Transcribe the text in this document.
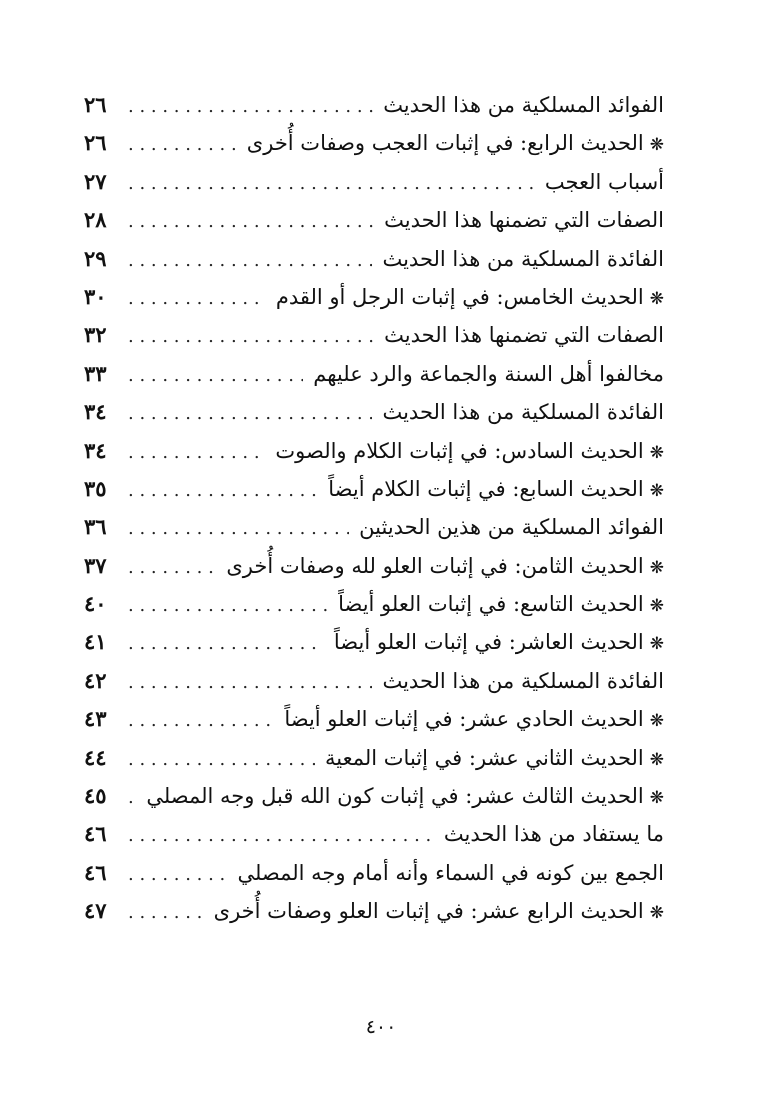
الفوائد المسلكية من هذا الحديث
. . .
٢٦
❋
الحديث الرابع: في إثبات العجب وصفات أُخرى
. . .
٢٦
أسباب العجب
. . .
٢٧
الصفات التي تضمنها هذا الحديث
. . .
٢٨
الفائدة المسلكية من هذا الحديث
. . .
٢٩
❋
الحديث الخامس: في إثبات الرجل أو القدم
. . .
٣٠
الصفات التي تضمنها هذا الحديث
. . .
٣٢
مخالفوا أهل السنة والجماعة والرد عليهم
. . .
٣٣
الفائدة المسلكية من هذا الحديث
. . .
٣٤
❋
الحديث السادس: في إثبات الكلام والصوت
. . .
٣٤
❋
الحديث السابع: في إثبات الكلام أيضاً
. . .
٣٥
الفوائد المسلكية من هذين الحديثين
. . .
٣٦
❋
الحديث الثامن: في إثبات العلو لله وصفات أُخرى
. . .
٣٧
❋
الحديث التاسع: في إثبات العلو أيضاً
. . .
٤٠
❋
الحديث العاشر: في إثبات العلو أيضاً
. . .
٤١
الفائدة المسلكية من هذا الحديث
. . .
٤٢
❋
الحديث الحادي عشر: في إثبات العلو أيضاً
. . .
٤٣
❋
الحديث الثاني عشر: في إثبات المعية
. . .
٤٤
❋
الحديث الثالث عشر: في إثبات كون الله قبل وجه المصلي
. . .
٤٥
ما يستفاد من هذا الحديث
. . .
٤٦
الجمع بين كونه في السماء وأنه أمام وجه المصلي
. . .
٤٦
❋
الحديث الرابع عشر: في إثبات العلو وصفات أُخرى
. . .
٤٧
٤٠٠
